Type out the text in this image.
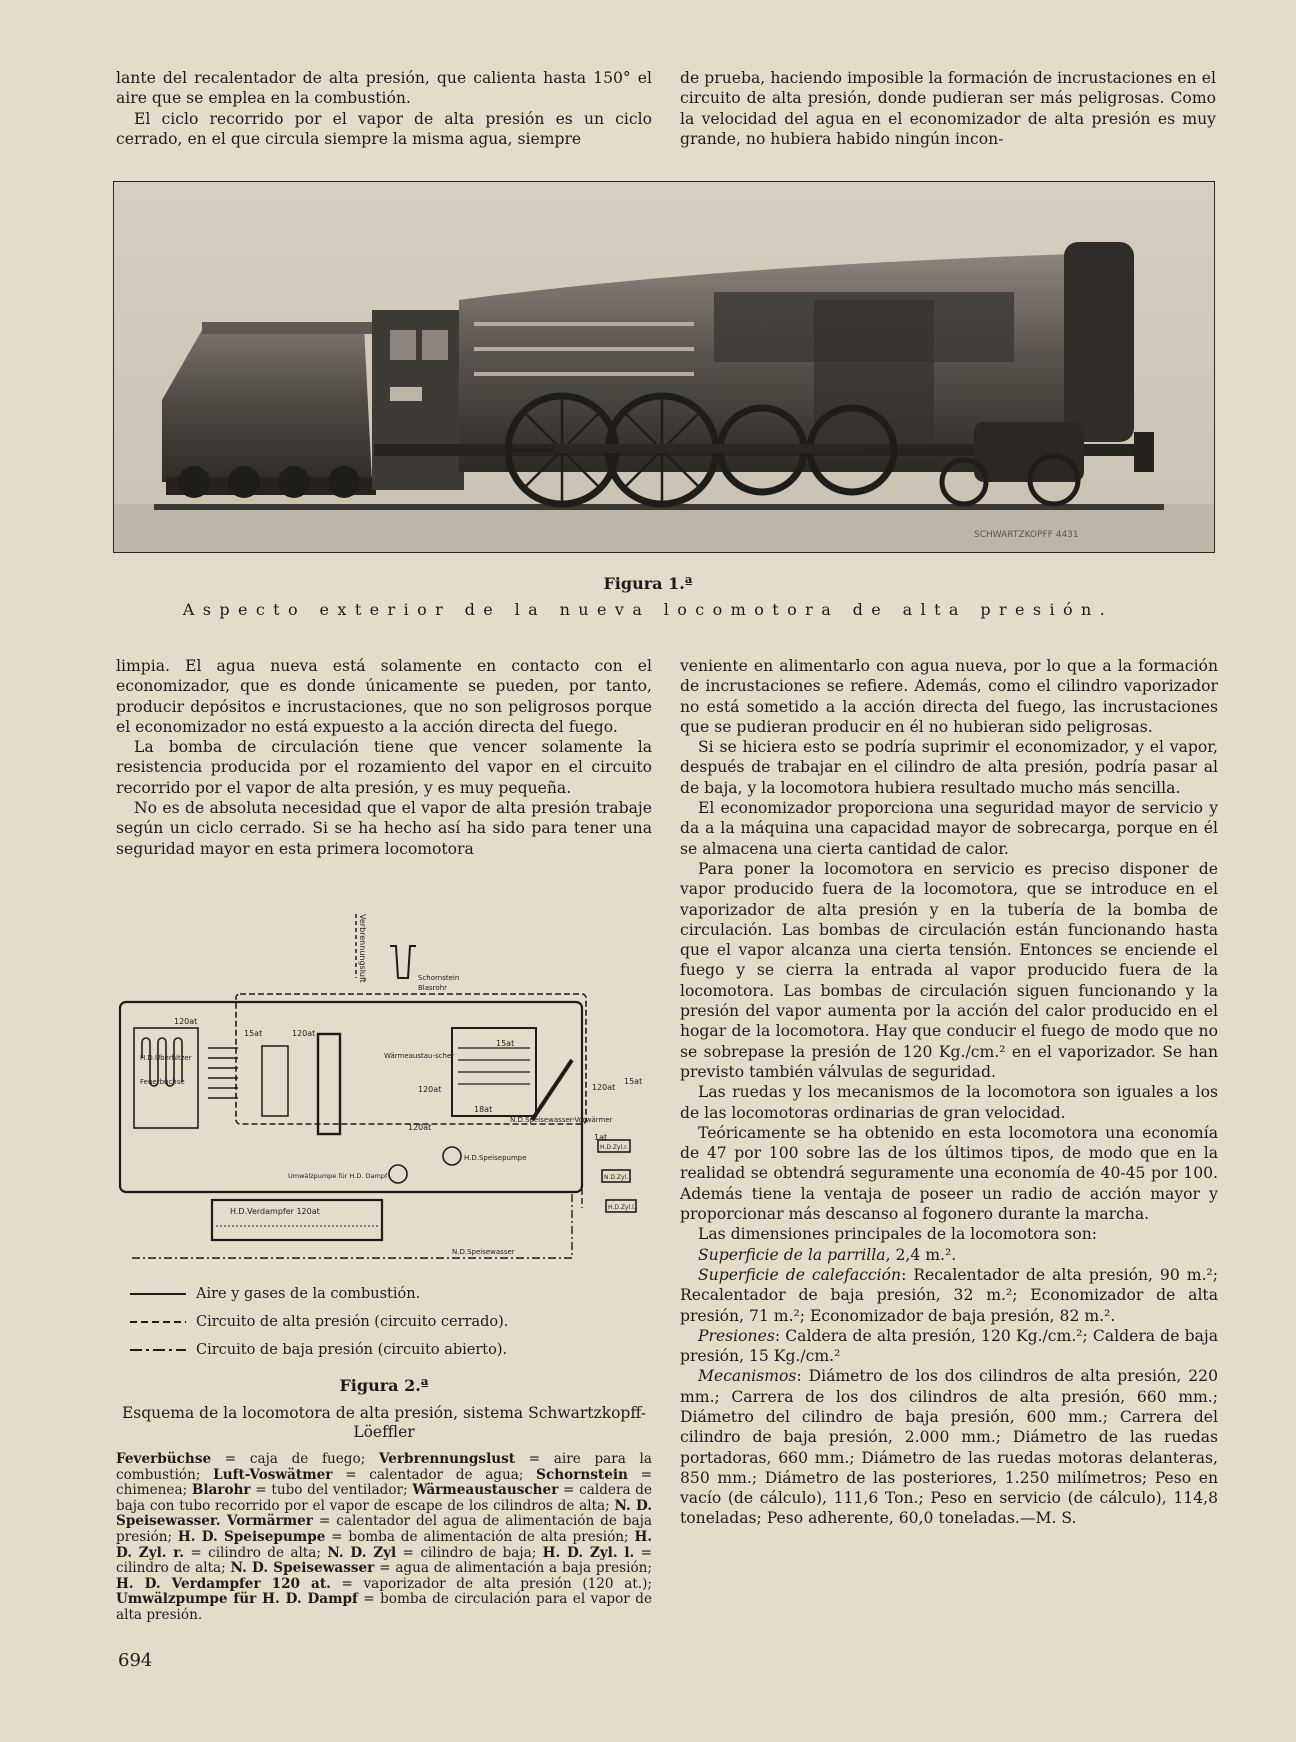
lante del recalentador de alta presión, que calienta hasta 150° el aire que se emplea en la combustión.

El ciclo recorrido por el vapor de alta presión es un ciclo cerrado, en el que circula siempre la misma agua, siempre

de prueba, haciendo imposible la formación de incrustaciones en el circuito de alta presión, donde pudieran ser más peligrosas. Como la velocidad del agua en el economizador de alta presión es muy grande, no hubiera habido ningún incon-

SCHWARTZKOPFF 4431
Figura 1.ª
Aspecto exterior de la nueva locomotora de alta presión.

limpia. El agua nueva está solamente en contacto con el economizador, que es donde únicamente se pueden, por tanto, producir depósitos e incrustaciones, que no son peligrosos porque el economizador no está expuesto a la acción directa del fuego.

La bomba de circulación tiene que vencer solamente la resistencia producida por el rozamiento del vapor en el circuito recorrido por el vapor de alta presión, y es muy pequeña.

No es de absoluta necesidad que el vapor de alta presión trabaje según un ciclo cerrado. Si se ha hecho así ha sido para tener una seguridad mayor en esta primera locomotora

Verbrennungsluft	Schornstein
Blasrohr
H.D.Überhitzer
Feuerbüchse
120at
15at	120at
Wärmeaustau-scher
15at
120at
120at
18at
15at
120at
1at
N.D.Speisewasser-Vorwärmer
H.D.Speisepumpe
Umwälzpumpe für H.D. Dampf
H.D.Zyl.r.
N.D.Zyl.
H.D.Zyl.l.
H.D.Verdampfer 120at
N.D.Speisewasser
Aire y gases de la combustión.
Circuito de alta presión (circuito cerrado).
Circuito de baja presión (circuito abierto).
Figura 2.ª
Esquema de la locomotora de alta presión, sistema Schwartzkopff-Löeffler
Feverbüchse = caja de fuego; Verbrennungslust = aire para la combustión; Luft-Voswätmer = calentador de agua; Schornstein = chimenea; Blarohr = tubo del ventilador; Wärmeaustauscher = caldera de baja con tubo recorrido por el vapor de escape de los cilindros de alta; N. D. Speisewasser. Vormärmer = calentador del agua de alimentación de baja presión; H. D. Speisepumpe = bomba de alimentación de alta presión; H. D. Zyl. r. = cilindro de alta; N. D. Zyl = cilindro de baja; H. D. Zyl. l. = cilindro de alta; N. D. Speisewasser = agua de alimentación a baja presión; H. D. Verdampfer 120 at. = vaporizador de alta presión (120 at.); Umwälzpumpe für H. D. Dampf = bomba de circulación para el vapor de alta presión.

veniente en alimentarlo con agua nueva, por lo que a la formación de incrustaciones se refiere. Además, como el cilindro vaporizador no está sometido a la acción directa del fuego, las incrustaciones que se pudieran producir en él no hubieran sido peligrosas.

Si se hiciera esto se podría suprimir el economizador, y el vapor, después de trabajar en el cilindro de alta presión, podría pasar al de baja, y la locomotora hubiera resultado mucho más sencilla.

El economizador proporciona una seguridad mayor de servicio y da a la máquina una capacidad mayor de sobrecarga, porque en él se almacena una cierta cantidad de calor.

Para poner la locomotora en servicio es preciso disponer de vapor producido fuera de la locomotora, que se introduce en el vaporizador de alta presión y en la tubería de la bomba de circulación. Las bombas de circulación están funcionando hasta que el vapor alcanza una cierta tensión. Entonces se enciende el fuego y se cierra la entrada al vapor producido fuera de la locomotora. Las bombas de circulación siguen funcionando y la presión del vapor aumenta por la acción del calor producido en el hogar de la locomotora. Hay que conducir el fuego de modo que no se sobrepase la presión de 120 Kg./cm.² en el vaporizador. Se han previsto también válvulas de seguridad.

Las ruedas y los mecanismos de la locomotora son iguales a los de las locomotoras ordinarias de gran velocidad.

Teóricamente se ha obtenido en esta locomotora una economía de 47 por 100 sobre las de los últimos tipos, de modo que en la realidad se obtendrá seguramente una economía de 40-45 por 100. Además tiene la ventaja de poseer un radio de acción mayor y proporcionar más descanso al fogonero durante la marcha.

Las dimensiones principales de la locomotora son:

Superficie de la parrilla, 2,4 m.².

Superficie de calefacción: Recalentador de alta presión, 90 m.²; Recalentador de baja presión, 32 m.²; Economizador de alta presión, 71 m.²; Economizador de baja presión, 82 m.².

Presiones: Caldera de alta presión, 120 Kg./cm.²; Caldera de baja presión, 15 Kg./cm.²

Mecanismos: Diámetro de los dos cilindros de alta presión, 220 mm.; Carrera de los dos cilindros de alta presión, 660 mm.; Diámetro del cilindro de baja presión, 600 mm.; Carrera del cilindro de baja presión, 2.000 mm.; Diámetro de las ruedas portadoras, 660 mm.; Diámetro de las ruedas motoras delanteras, 850 mm.; Diámetro de las posteriores, 1.250 milímetros; Peso en vacío (de cálculo), 111,6 Ton.; Peso en servicio (de cálculo), 114,8 toneladas; Peso adherente, 60,0 toneladas.—M. S.

694
